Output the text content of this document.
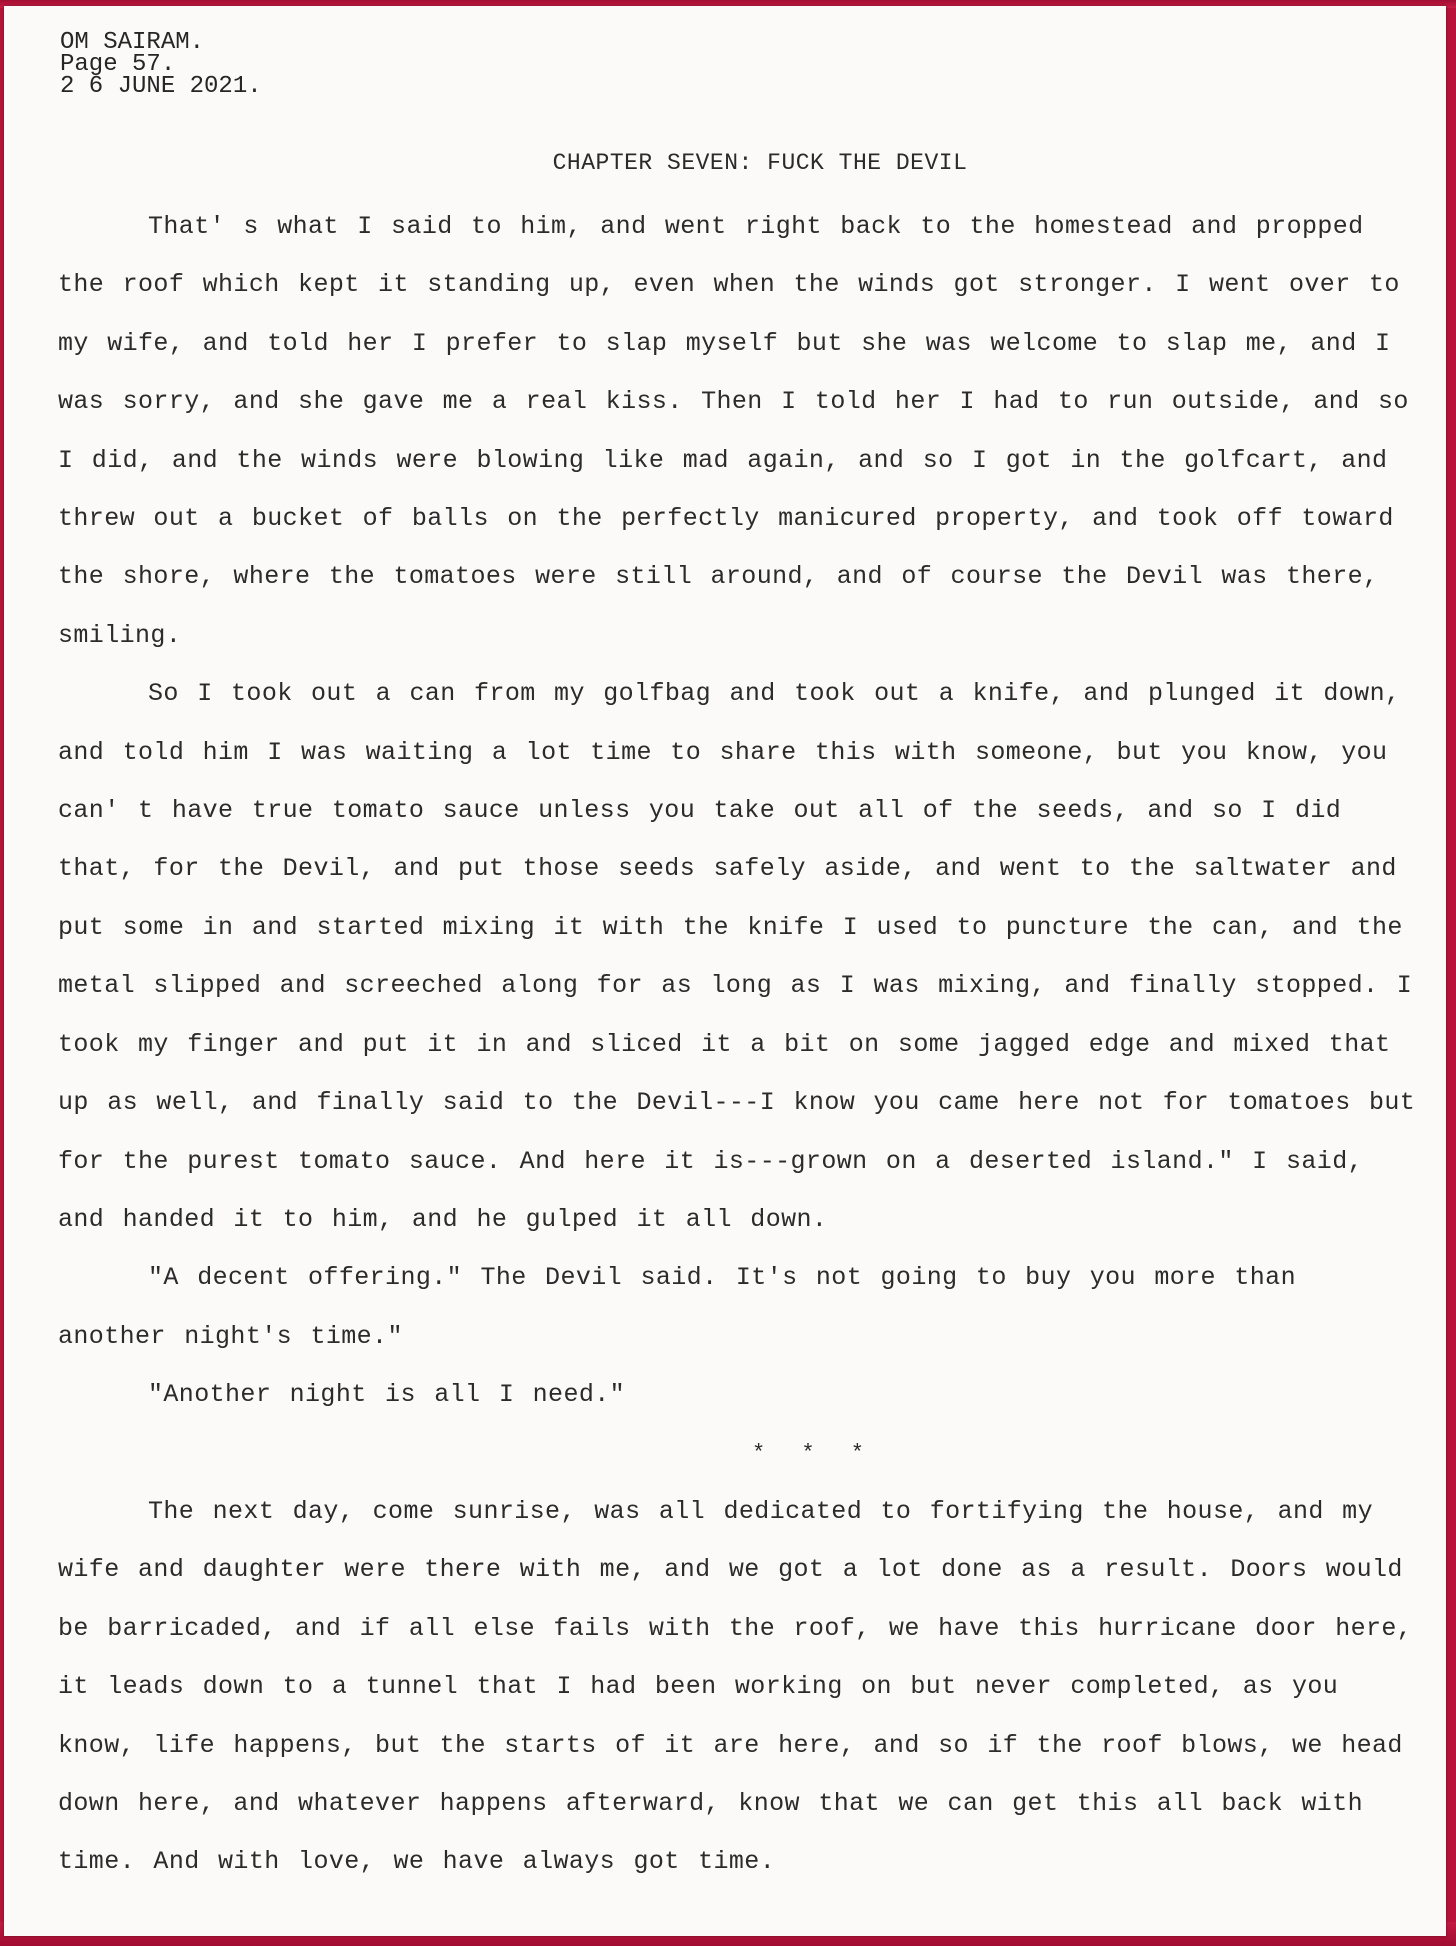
OM SAIRAM.
Page 57.
2 6 JUNE 2021.
CHAPTER SEVEN: FUCK THE DEVIL

That' s what I said to him, and went right back to the homestead and propped the roof which kept it standing up, even when the winds got stronger. I went over to my wife, and told her I prefer to slap myself but she was welcome to slap me, and I was sorry, and she gave me a real kiss. Then I told her I had to run outside, and so I did, and the winds were blowing like mad again, and so I got in the golfcart, and threw out a bucket of balls on the perfectly manicured property, and took off toward the shore, where the tomatoes were still around, and of course the Devil was there, smiling.

So I took out a can from my golfbag and took out a knife, and plunged it down, and told him I was waiting a lot time to share this with someone, but you know, you can' t have true tomato sauce unless you take out all of the seeds, and so I did that, for the Devil, and put those seeds safely aside, and went to the saltwater and put some in and started mixing it with the knife I used to puncture the can, and the metal slipped and screeched along for as long as I was mixing, and finally stopped. I took my finger and put it in and sliced it a bit on some jagged edge and mixed that up as well, and finally said to the Devil---I know you came here not for tomatoes but for the purest tomato sauce. And here it is---grown on a deserted island." I said, and handed it to him, and he gulped it all down.

"A decent offering." The Devil said. It's not going to buy you more than another night's time."

"Another night is all I need."

* * *

The next day, come sunrise, was all dedicated to fortifying the house, and my wife and daughter were there with me, and we got a lot done as a result. Doors would be barricaded, and if all else fails with the roof, we have this hurricane door here, it leads down to a tunnel that I had been working on but never completed, as you know, life happens, but the starts of it are here, and so if the roof blows, we head down here, and whatever happens afterward, know that we can get this all back with time. And with love, we have always got time.
